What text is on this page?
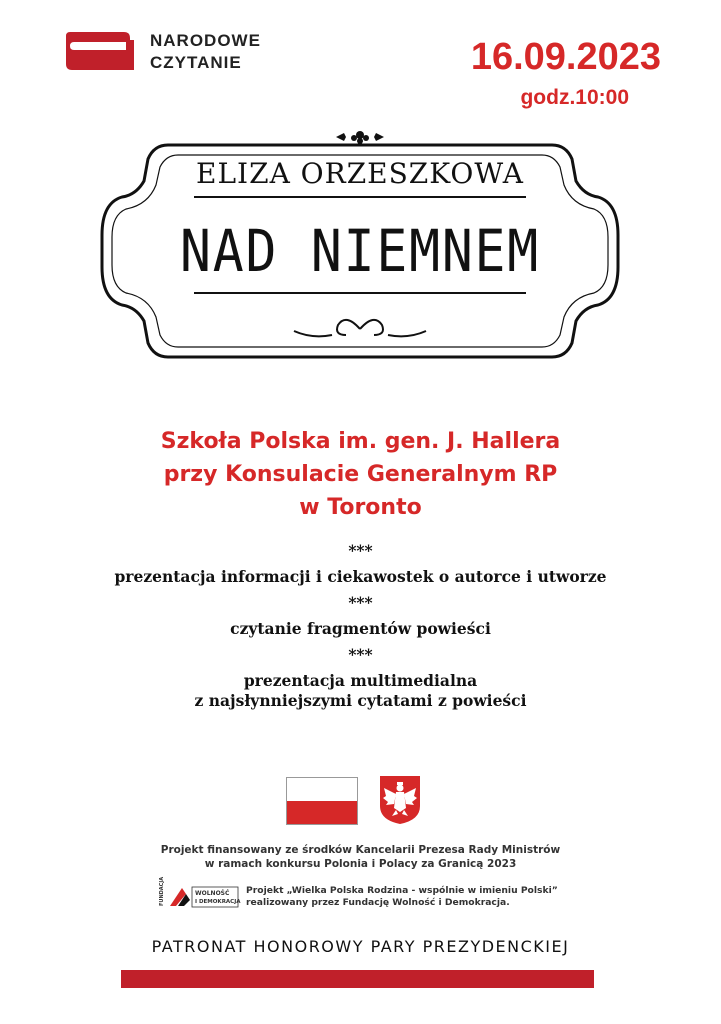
NARODOWE
CZYTANIE	16.09.2023
godz.10:00
ELIZA ORZESZKOWA
NAD NIEMNEM
Szkoła Polska im. gen. J. Hallera
przy Konsulacie Generalnym RP
w Toronto
***
prezentacja informacji i ciekawostek o autorce i utworze
***
czytanie fragmentów powieści
***
prezentacja multimedialna
z najsłynniejszymi cytatami z powieści
Projekt finansowany ze środków Kancelarii Prezesa Rady Ministrów
w ramach konkursu Polonia i Polacy za Granicą 2023
FUNDACJA	WOLNOŚĆ
I DEMOKRACJA
Projekt „Wielka Polska Rodzina - wspólnie w imieniu Polski”
realizowany przez Fundację Wolność i Demokracja.
PATRONAT HONOROWY PARY PREZYDENCKIEJ
